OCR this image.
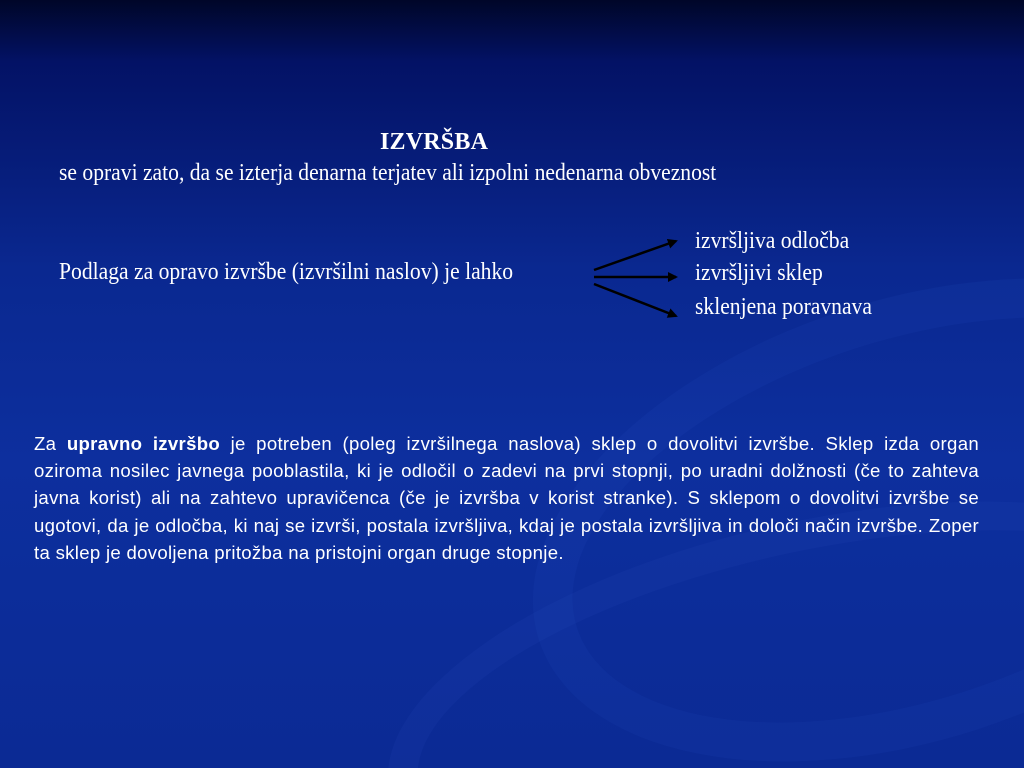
IZVRŠBA
se opravi zato, da se izterja denarna terjatev ali izpolni nedenarna obveznost
Podlaga za opravo izvršbe (izvršilni naslov) je lahko
izvršljiva odločba
izvršljivi sklep
sklenjena poravnava

Za upravno izvršbo je potreben (poleg izvršilnega naslova) sklep o dovolitvi izvršbe. Sklep izda organ oziroma nosilec javnega pooblastila, ki je odločil o zadevi na prvi stopnji, po uradni dolžnosti (če to zahteva javna korist) ali na zahtevo upravičenca (če je izvršba v korist stranke). S sklepom o dovolitvi izvršbe se ugotovi, da je odločba, ki naj se izvrši, postala izvršljiva, kdaj je postala izvršljiva in določi način izvršbe. Zoper ta sklep je dovoljena pritožba na pristojni organ druge stopnje.
